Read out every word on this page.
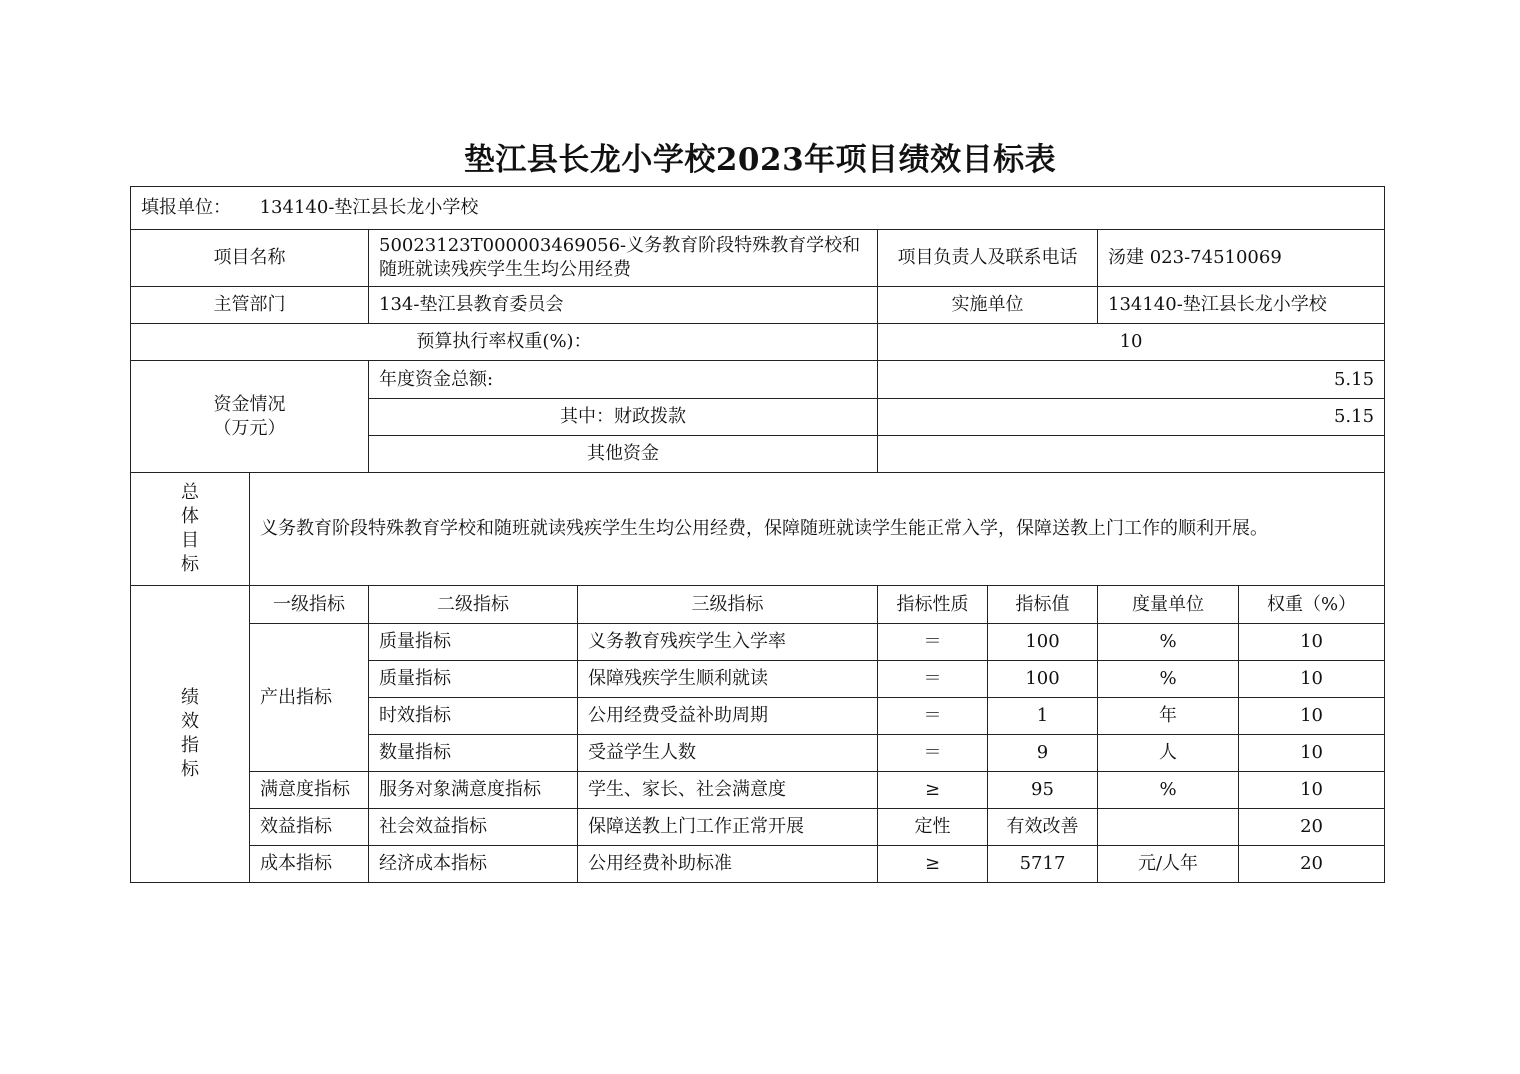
垫江县长龙小学校2023年项目绩效目标表
填报单位： 134140-垫江县长龙小学校							
项目名称		50023123T000003469056-义务教育阶段特殊教育学校和随班就读残疾学生生均公用经费		项目负责人及联系电话		汤建 023-74510069	
主管部门		134-垫江县教育委员会		实施单位		134140-垫江县长龙小学校	
预算执行率权重(%)：				10			

资金情况
（万元）		年度资金总额:		5.15			
		其中：财政拨款		5.15			
		其他资金					

总
体
目
标	义务教育阶段特殊教育学校和随班就读残疾学生生均公用经费，保障随班就读学生能正常入学，保障送教上门工作的顺利开展。						

绩
效
指
标	一级指标	二级指标	三级指标	指标性质	指标值	度量单位	权重（%）
	产出指标	质量指标	义务教育残疾学生入学率	＝	100	%	10
		质量指标	保障残疾学生顺利就读	＝	100	%	10
		时效指标	公用经费受益补助周期	＝	1	年	10
		数量指标	受益学生人数	＝	9	人	10
	满意度指标	服务对象满意度指标	学生、家长、社会满意度	≥	95	%	10
	效益指标	社会效益指标	保障送教上门工作正常开展	定性	有效改善		20
	成本指标	经济成本指标	公用经费补助标准	≥	5717	元/人年	20
